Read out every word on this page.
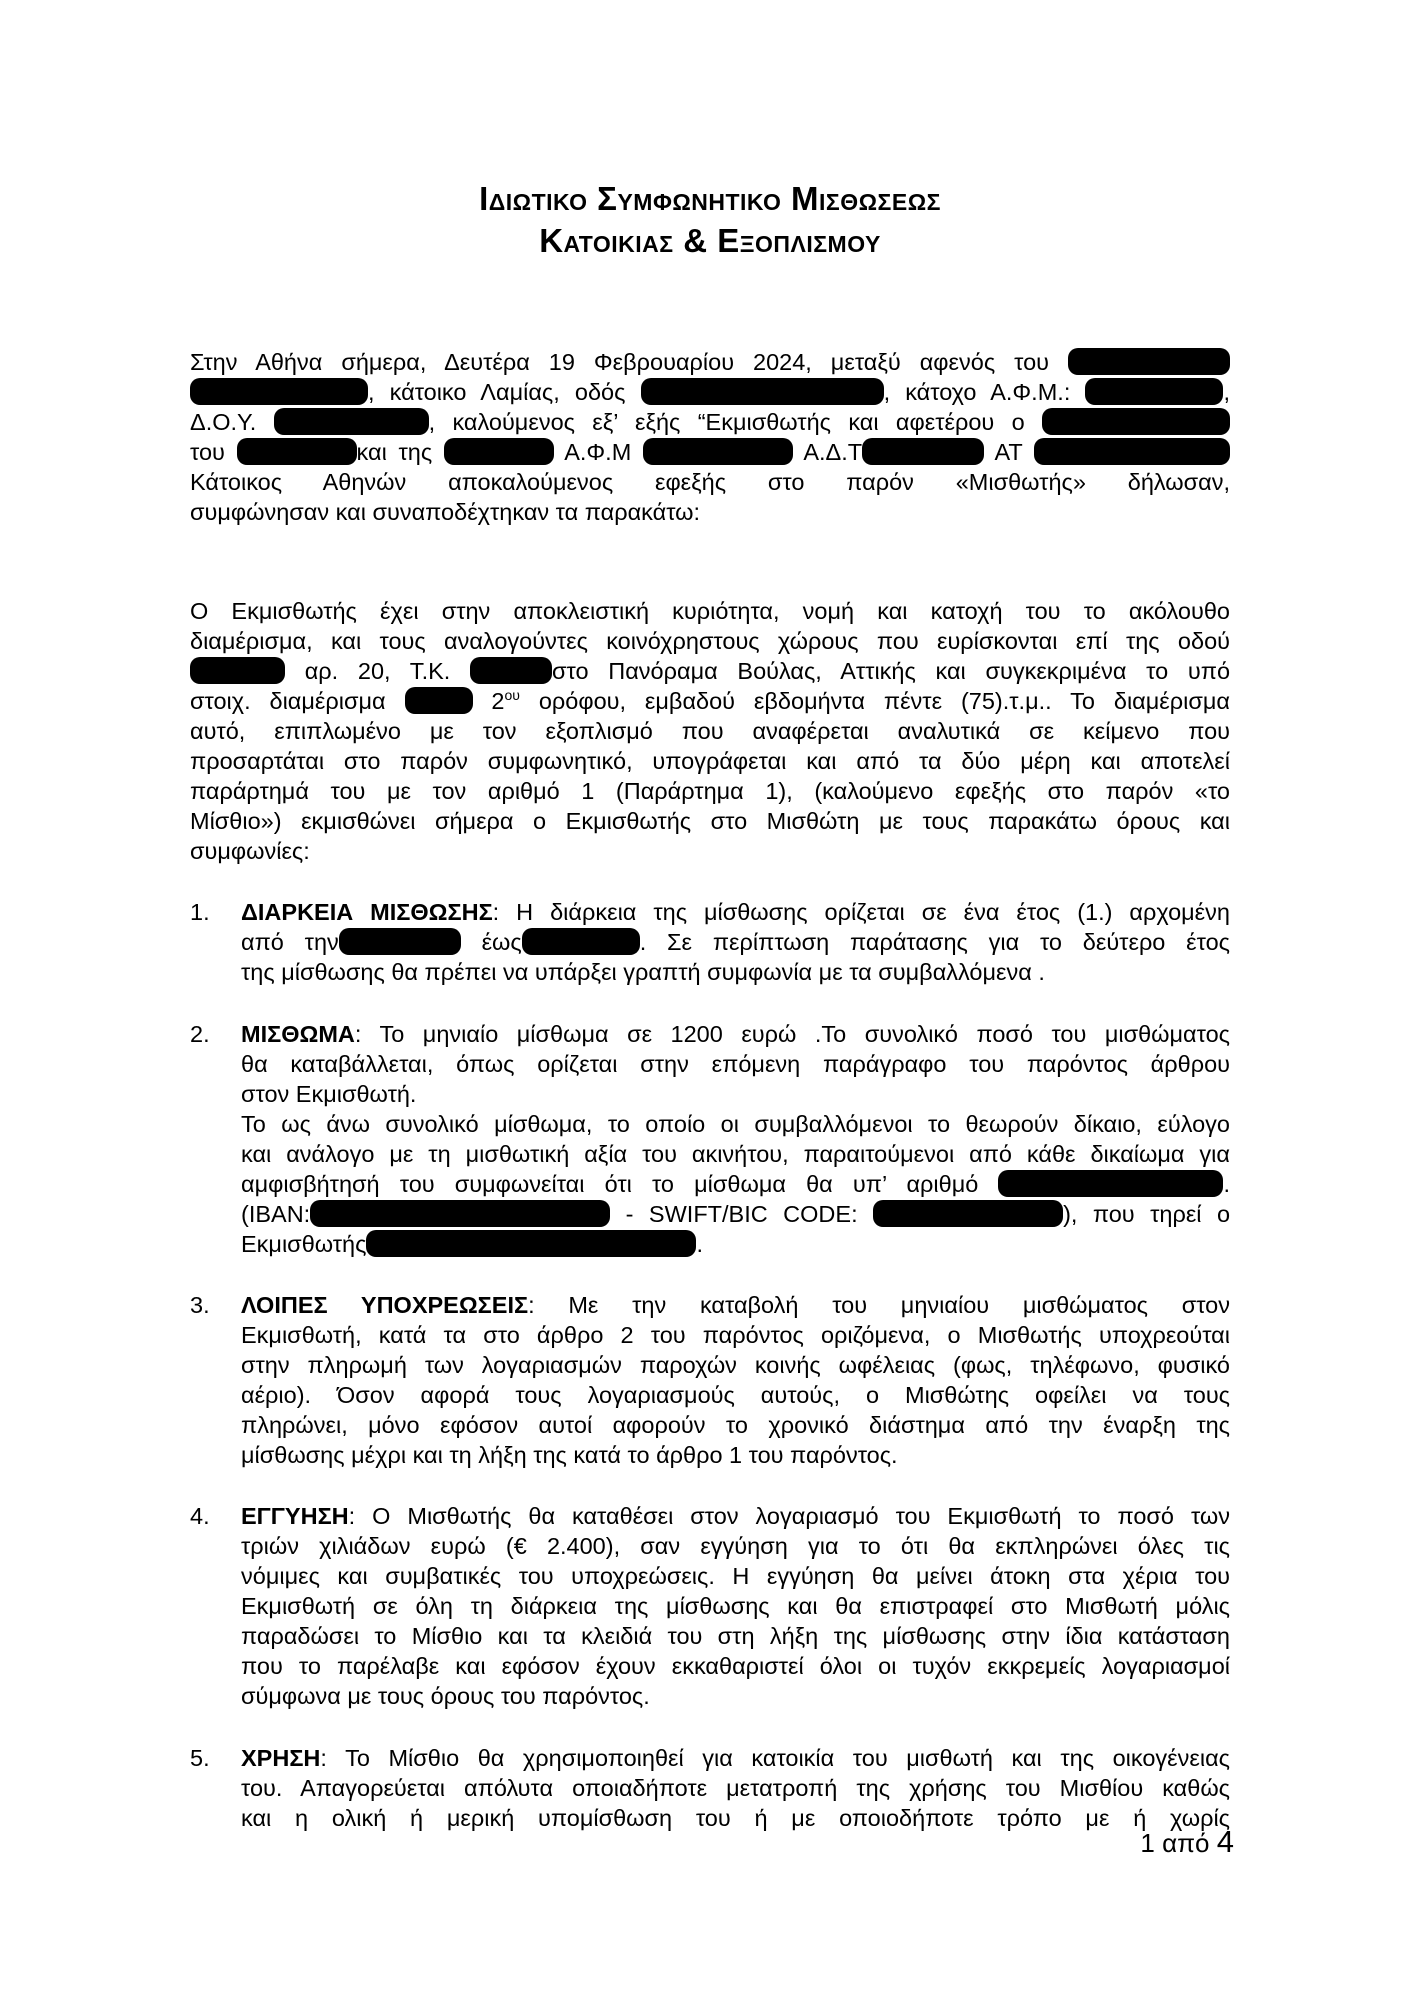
Ιδιωτικο Συμφωνητικο Μισθωσεως
Κατοικιας & Εξοπλισμου
Στην Αθήνα σήμερα, Δευτέρα 19 Φεβρουαρίου 2024, μεταξύ αφενός του
, κάτοικο Λαμίας, οδός	, κάτοχο Α.Φ.Μ.:	,
Δ.Ο.Υ.	, καλούμενος εξ’ εξής “Εκμισθωτής και αφετέρου ο
του	και της	Α.Φ.Μ	Α.Δ.Τ	ΑΤ
Κάτοικος Αθηνών αποκαλούμενος εφεξής στο παρόν «Μισθωτής» δήλωσαν,
συμφώνησαν και συναποδέχτηκαν τα παρακάτω:
Ο Εκμισθωτής έχει στην αποκλειστική κυριότητα, νομή και κατοχή του το ακόλουθο
διαμέρισμα, και τους αναλογούντες κοινόχρηστους χώρους που ευρίσκονται επί της οδού
αρ. 20, Τ.Κ.	στο Πανόραμα Βούλας, Αττικής και συγκεκριμένα το υπό
στοιχ. διαμέρισμα	$2^{o\upsilon}$ ορόφου, εμβαδού εβδομήντα πέντε (75).τ.μ.. Το διαμέρισμα
αυτό, επιπλωμένο με τον εξοπλισμό που αναφέρεται αναλυτικά σε κείμενο που
προσαρτάται στο παρόν συμφωνητικό, υπογράφεται και από τα δύο μέρη και αποτελεί
παράρτημά του με τον αριθμό 1 (Παράρτημα 1), (καλούμενο εφεξής στο παρόν «το
Μίσθιο») εκμισθώνει σήμερα ο Εκμισθωτής στο Μισθώτη με τους παρακάτω όρους και
συμφωνίες:
1. ΔΙΑΡΚΕΙΑ ΜΙΣΘΩΣΗΣ: Η διάρκεια της μίσθωσης ορίζεται σε ένα έτος (1.) αρχομένη
από την	έως	. Σε περίπτωση παράτασης για το δεύτερο έτος
της μίσθωσης θα πρέπει να υπάρξει γραπτή συμφωνία με τα συμβαλλόμενα .
2. ΜΙΣΘΩΜΑ: Το μηνιαίο μίσθωμα σε 1200 ευρώ .Το συνολικό ποσό του μισθώματος
θα καταβάλλεται, όπως ορίζεται στην επόμενη παράγραφο του παρόντος άρθρου
στον Εκμισθωτή.
Το ως άνω συνολικό μίσθωμα, το οποίο οι συμβαλλόμενοι το θεωρούν δίκαιο, εύλογο
και ανάλογο με τη μισθωτική αξία του ακινήτου, παραιτούμενοι από κάθε δικαίωμα για
αμφισβήτησή του συμφωνείται ότι το μίσθωμα θα υπ’ αριθμό	.
(IBAN:	- SWIFT/BIC CODE:	), που τηρεί ο
Εκμισθωτής	.
3. ΛΟΙΠΕΣ ΥΠΟΧΡΕΩΣΕΙΣ: Με την καταβολή του μηνιαίου μισθώματος στον
Εκμισθωτή, κατά τα στο άρθρο 2 του παρόντος οριζόμενα, ο Μισθωτής υποχρεούται
στην πληρωμή των λογαριασμών παροχών κοινής ωφέλειας (φως, τηλέφωνο, φυσικό
αέριο). Όσον αφορά τους λογαριασμούς αυτούς, ο Μισθώτης οφείλει να τους
πληρώνει, μόνο εφόσον αυτοί αφορούν το χρονικό διάστημα από την έναρξη της
μίσθωσης μέχρι και τη λήξη της κατά το άρθρο 1 του παρόντος.
4. ΕΓΓΥΗΣΗ: Ο Μισθωτής θα καταθέσει στον λογαριασμό του Εκμισθωτή το ποσό των
τριών χιλιάδων ευρώ (€ 2.400), σαν εγγύηση για το ότι θα εκπληρώνει όλες τις
νόμιμες και συμβατικές του υποχρεώσεις. Η εγγύηση θα μείνει άτοκη στα χέρια του
Εκμισθωτή σε όλη τη διάρκεια της μίσθωσης και θα επιστραφεί στο Μισθωτή μόλις
παραδώσει το Μίσθιο και τα κλειδιά του στη λήξη της μίσθωσης στην ίδια κατάσταση
που το παρέλαβε και εφόσον έχουν εκκαθαριστεί όλοι οι τυχόν εκκρεμείς λογαριασμοί
σύμφωνα με τους όρους του παρόντος.
5. ΧΡΗΣΗ: Το Μίσθιο θα χρησιμοποιηθεί για κατοικία του μισθωτή και της οικογένειας
του. Απαγορεύεται απόλυτα οποιαδήποτε μετατροπή της χρήσης του Μισθίου καθώς
και η ολική ή μερική υπομίσθωση του ή με οποιοδήποτε τρόπο με ή χωρίς
1 από 4
